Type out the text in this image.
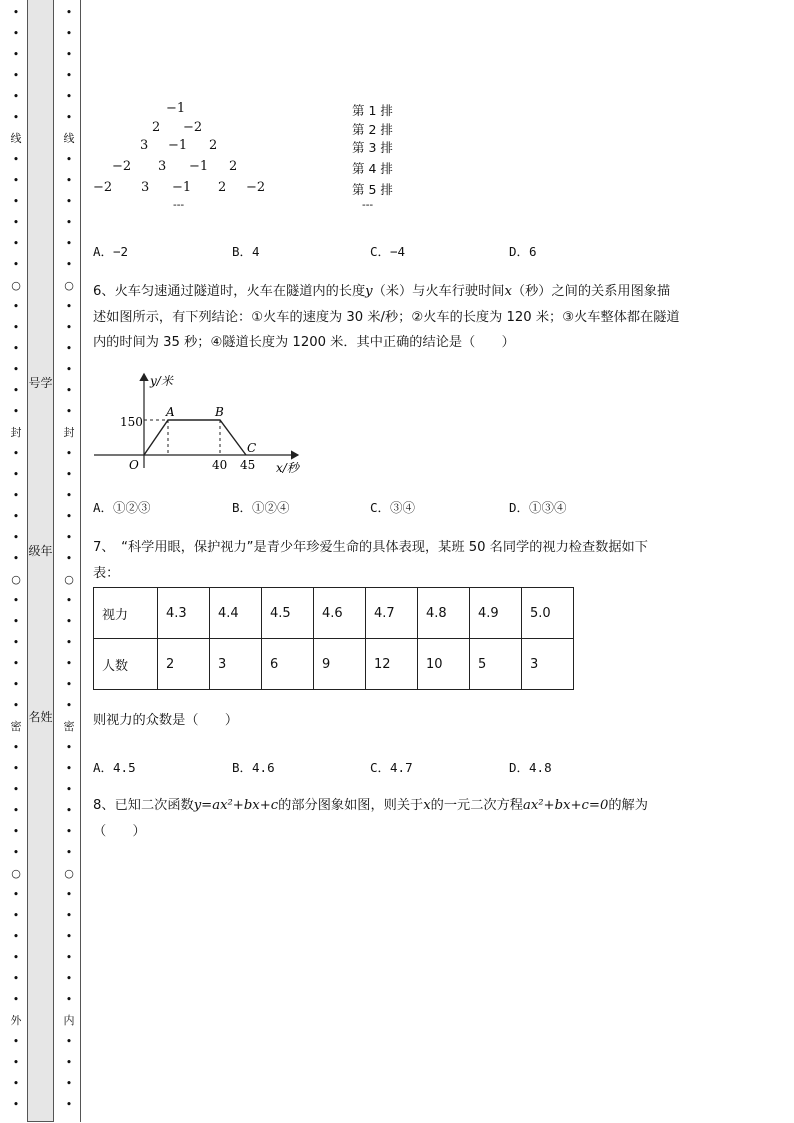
•
•
•
•
•
•
线
•
•
•
•
•
•
○
•
•
•
•
•
•
封
•
•
•
•
•
•
○
•
•
•
•
•
•
密
•
•
•
•
•
•
○
•
•
•
•
•
•
外
•
•
•
•
•
•
•
•
•
•
线
•
•
•
•
•
•
○
•
•
•
•
•
•
封
•
•
•
•
•
•
○
•
•
•
•
•
•
密
•
•
•
•
•
•
○
•
•
•
•
•
•
内
•
•
•
•
号学
级年
名姓
−1
2 −2
3 −1 2
−2 3 −1 2
−2 3 −1 2 −2
---
第 1 排
第 2 排
第 3 排
第 4 排
第 5 排
---
A．−2	B．4	C．−4	D．6
6、火车匀速通过隧道时，火车在隧道内的长度y（米）与火车行驶时间x（秒）之间的关系用图象描
述如图所示，有下列结论：①火车的速度为 30 米/秒；②火车的长度为 120 米；③火车整体都在隧道
内的时间为 35 秒；④隧道长度为 1200 米．其中正确的结论是（　　）
y/米
x/秒
O
A	B
C
150
40 45
A．①②③	B．①②④	C．③④	D．①③④
7、　“科学用眼，保护视力”是青少年珍爱生命的具体表现，某班 50 名同学的视力检查数据如下
表：
视力	4.3	4.4	4.5	4.6	4.7	4.8	4.9	5.0
人数	2	3	6	9	12	10	5	3
则视力的众数是（　　）
A．4.5	B．4.6	C．4.7	D．4.8
8、已知二次函数y=ax²+bx+c的部分图象如图，则关于x的一元二次方程ax²+bx+c=0的解为
（　　）
